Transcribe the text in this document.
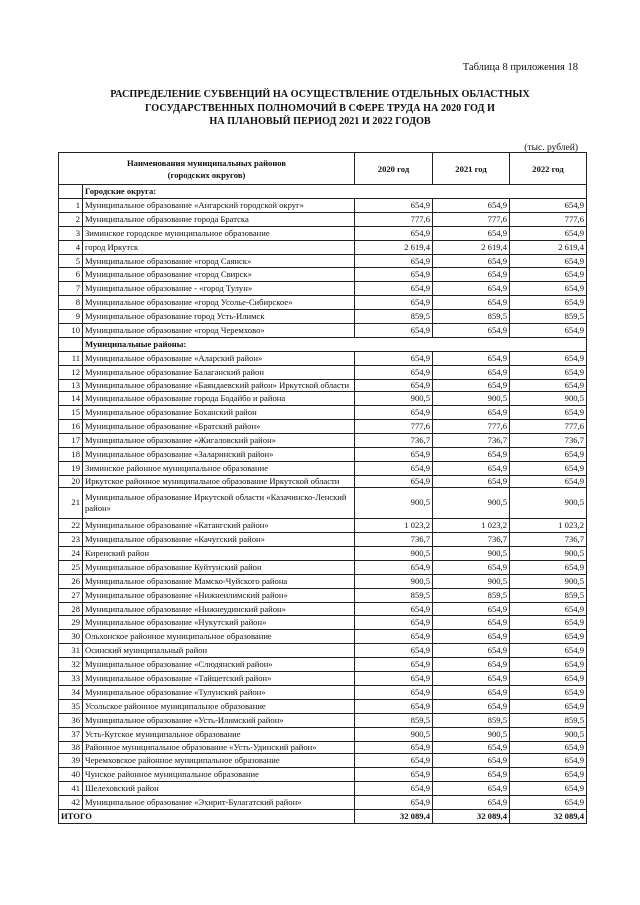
Таблица 8 приложения 18
РАСПРЕДЕЛЕНИЕ СУБВЕНЦИЙ НА ОСУЩЕСТВЛЕНИЕ ОТДЕЛЬНЫХ ОБЛАСТНЫХ
ГОСУДАРСТВЕННЫХ ПОЛНОМОЧИЙ В СФЕРЕ ТРУДА НА 2020 ГОД И
НА ПЛАНОВЫЙ ПЕРИОД 2021 И 2022 ГОДОВ
(тыс. рублей)
Наименования муниципальных районов
(городских округов)		2020 год	2021 год	2022 год
	Городские округа:			
1	Муниципальное образование «Ангарский городской округ»	654,9	654,9	654,9
2	Муниципальное образование города Братска	777,6	777,6	777,6
3	Зиминское городское муниципальное образование	654,9	654,9	654,9
4	город Иркутск	2 619,4	2 619,4	2 619,4
5	Муниципальное образование «город Саянск»	654,9	654,9	654,9
6	Муниципальное образование «город Свирск»	654,9	654,9	654,9
7	Муниципальное образование - «город Тулун»	654,9	654,9	654,9
8	Муниципальное образование «город Усолье-Сибирское»	654,9	654,9	654,9
9	Муниципальное образование город Усть-Илимск	859,5	859,5	859,5
10	Муниципальное образование «город Черемхово»	654,9	654,9	654,9
	Муниципальные районы:			
11	Муниципальное образование «Аларский район»	654,9	654,9	654,9
12	Муниципальное образование Балаганский район	654,9	654,9	654,9
13	Муниципальное образование «Баяндаевский район» Иркутской области	654,9	654,9	654,9
14	Муниципальное образование города Бодайбо и района	900,5	900,5	900,5
15	Муниципальное образование Боханский район	654,9	654,9	654,9
16	Муниципальное образование «Братский район»	777,6	777,6	777,6
17	Муниципальное образование «Жигаловский район»	736,7	736,7	736,7
18	Муниципальное образование «Заларинский район»	654,9	654,9	654,9
19	Зиминское районное муниципальное образование	654,9	654,9	654,9
20	Иркутское районное муниципальное образование Иркутской области	654,9	654,9	654,9
21	Муниципальное образование Иркутской области «Казачинско-Ленский район»	900,5	900,5	900,5
22	Муниципальное образование «Катангский район»	1 023,2	1 023,2	1 023,2
23	Муниципальное образование «Качугский район»	736,7	736,7	736,7
24	Киренский район	900,5	900,5	900,5
25	Муниципальное образование Куйтунский район	654,9	654,9	654,9
26	Муниципальное образование Мамско-Чуйского района	900,5	900,5	900,5
27	Муниципальное образование «Нижнеилимский район»	859,5	859,5	859,5
28	Муниципальное образование «Нижнеудинский район»	654,9	654,9	654,9
29	Муниципальное образование «Нукутский район»	654,9	654,9	654,9
30	Ольхонское районное муниципальное образование	654,9	654,9	654,9
31	Осинский муниципальный район	654,9	654,9	654,9
32	Муниципальное образование «Слюдянский район»	654,9	654,9	654,9
33	Муниципальное образование «Тайшетский район»	654,9	654,9	654,9
34	Муниципальное образование «Тулунский район»	654,9	654,9	654,9
35	Усольское районное муниципальное образование	654,9	654,9	654,9
36	Муниципальное образование «Усть-Илимский район»	859,5	859,5	859,5
37	Усть-Кутское муниципальное образование	900,5	900,5	900,5
38	Районное муниципальное образование «Усть-Удинский район»	654,9	654,9	654,9
39	Черемховское районное муниципальное образование	654,9	654,9	654,9
40	Чунское районное муниципальное образование	654,9	654,9	654,9
41	Шелеховский район	654,9	654,9	654,9
42	Муниципальное образование «Эхирит-Булагатский район»	654,9	654,9	654,9
ИТОГО		32 089,4	32 089,4	32 089,4
